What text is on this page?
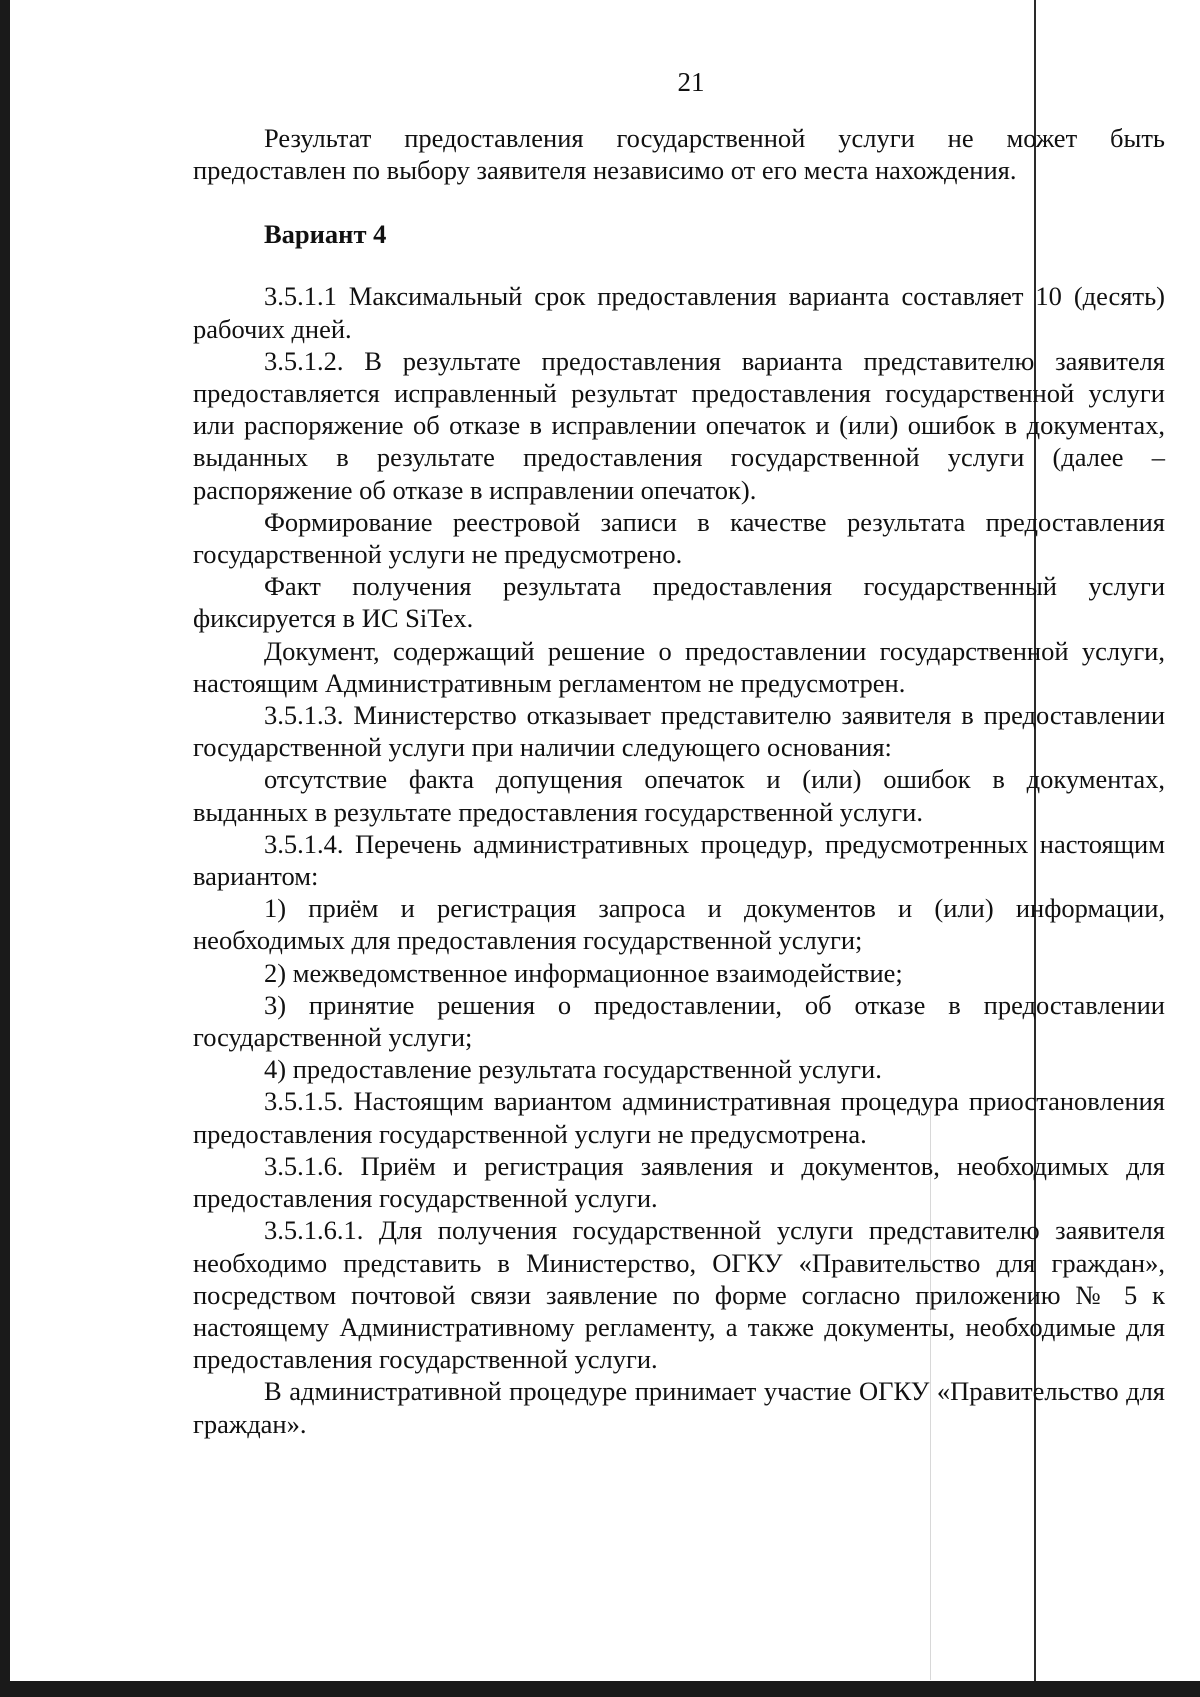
21

Результат предоставления государственной услуги не может быть предоставлен по выбору заявителя независимо от его места нахождения.

Вариант 4

3.5.1.1 Максимальный срок предоставления варианта составляет 10 (десять) рабочих дней.

3.5.1.2. В результате предоставления варианта представителю заявителя предоставляется исправленный результат предоставления государственной услуги или распоряжение об отказе в исправлении опечаток и (или) ошибок в документах, выданных в результате предоставления государственной услуги (далее – распоряжение об отказе в исправлении опечаток).

Формирование реестровой записи в качестве результата предоставления государственной услуги не предусмотрено.

Факт получения результата предоставления государственный услуги фиксируется в ИС SiTex.

Документ, содержащий решение о предоставлении государственной услуги, настоящим Административным регламентом не предусмотрен.

3.5.1.3. Министерство отказывает представителю заявителя в предоставлении государственной услуги при наличии следующего основания:

отсутствие факта допущения опечаток и (или) ошибок в документах, выданных в результате предоставления государственной услуги.

3.5.1.4. Перечень административных процедур, предусмотренных настоящим вариантом:

1) приём и регистрация запроса и документов и (или) информации, необходимых для предоставления государственной услуги;

2) межведомственное информационное взаимодействие;

3) принятие решения о предоставлении, об отказе в предоставлении государственной услуги;

4) предоставление результата государственной услуги.

3.5.1.5. Настоящим вариантом административная процедура приостановления предоставления государственной услуги не предусмотрена.

3.5.1.6. Приём и регистрация заявления и документов, необходимых для предоставления государственной услуги.

3.5.1.6.1. Для получения государственной услуги представителю заявителя необходимо представить в Министерство, ОГКУ «Правительство для граждан», посредством почтовой связи заявление по форме согласно приложению № 5 к настоящему Административному регламенту, а также документы, необходимые для предоставления государственной услуги.

В административной процедуре принимает участие ОГКУ «Правительство для граждан».
